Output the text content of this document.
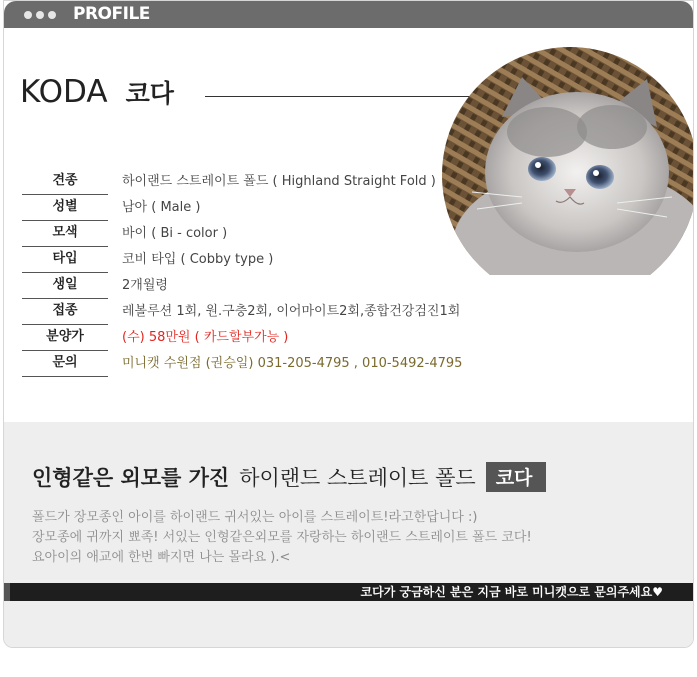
PROFILE
KODA 코다
견종	하이랜드 스트레이트 폴드 ( Highland Straight Fold )
성별	남아 ( Male )
모색	바이 ( Bi - color )
타입	코비 타입 ( Cobby type )
생일	2개월령
접종	레볼루션 1회, 원.구충2회, 이어마이트2회,종합건강검진1회
분양가	(수) 58만원 ( 카드할부가능 )
문의	미니캣 수원점 (권승일) 031-205-4795 , 010-5492-4795
인형같은 외모를 가진 하이랜드 스트레이트 폴드	코다

폴드가 장모종인 아이를 하이랜드 귀서있는 아이를 스트레이트!라고한답니다 :)

장모종에 귀까지 뾰족! 서있는 인형같은외모를 자랑하는 하이랜드 스트레이트 폴드 코다!

요아이의 애교에 한번 빠지면 나는 몰라요 ).<

코다가 궁금하신 분은 지금 바로 미니캣으로 문의주세요♥
